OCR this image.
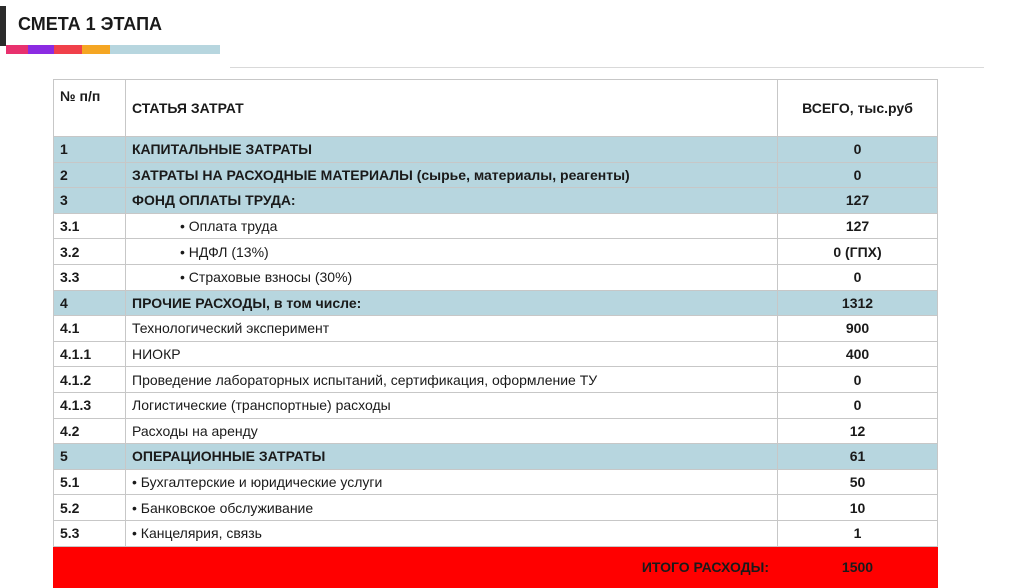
СМЕТА 1 ЭТАПА
№ п/п	СТАТЬЯ ЗАТРАТ	ВСЕГО, тыс.руб
1	КАПИТАЛЬНЫЕ ЗАТРАТЫ	0
2	ЗАТРАТЫ НА РАСХОДНЫЕ МАТЕРИАЛЫ (сырье, материалы, реагенты)	0
3	ФОНД ОПЛАТЫ ТРУДА:	127
3.1	• Оплата труда	127
3.2	• НДФЛ (13%)	0 (ГПХ)
3.3	• Страховые взносы (30%)	0
4	ПРОЧИЕ РАСХОДЫ, в том числе:	1312
4.1	Технологический эксперимент	900
4.1.1	НИОКР	400
4.1.2	Проведение лабораторных испытаний, сертификация, оформление ТУ	0
4.1.3	Логистические (транспортные) расходы	0
4.2	Расходы на аренду	12
5	ОПЕРАЦИОННЫЕ ЗАТРАТЫ	61
5.1	• Бухгалтерские и юридические услуги	50
5.2	• Банковское обслуживание	10
5.3	• Канцелярия, связь	1
ИТОГО РАСХОДЫ:		1500
